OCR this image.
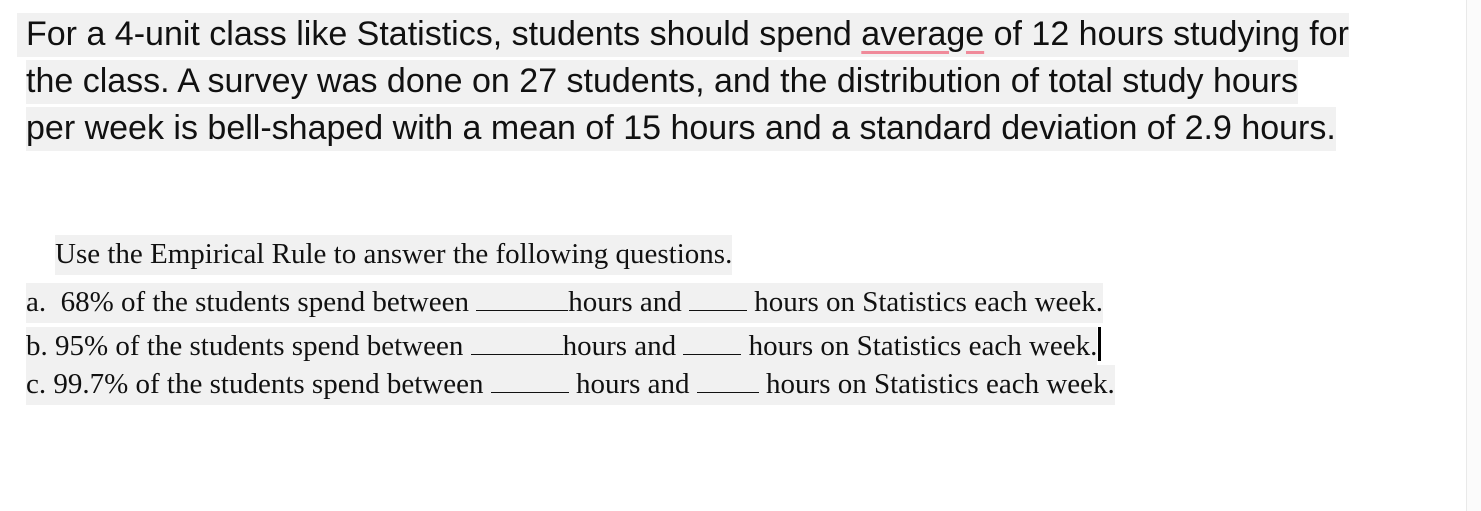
For a 4-unit class like Statistics, students should spend average of 12 hours studying for
the class. A survey was done on 27 students, and the distribution of total study hours
per week is bell-shaped with a mean of 15 hours and a standard deviation of 2.9 hours.

Use the Empirical Rule to answer the following questions.

a.  68% of the students spend between	hours and  hours on Statistics each week.
b. 95% of the students spend between	hours and  hours on Statistics each week.
c. 99.7% of the students spend between	hours and  hours on Statistics each week.
